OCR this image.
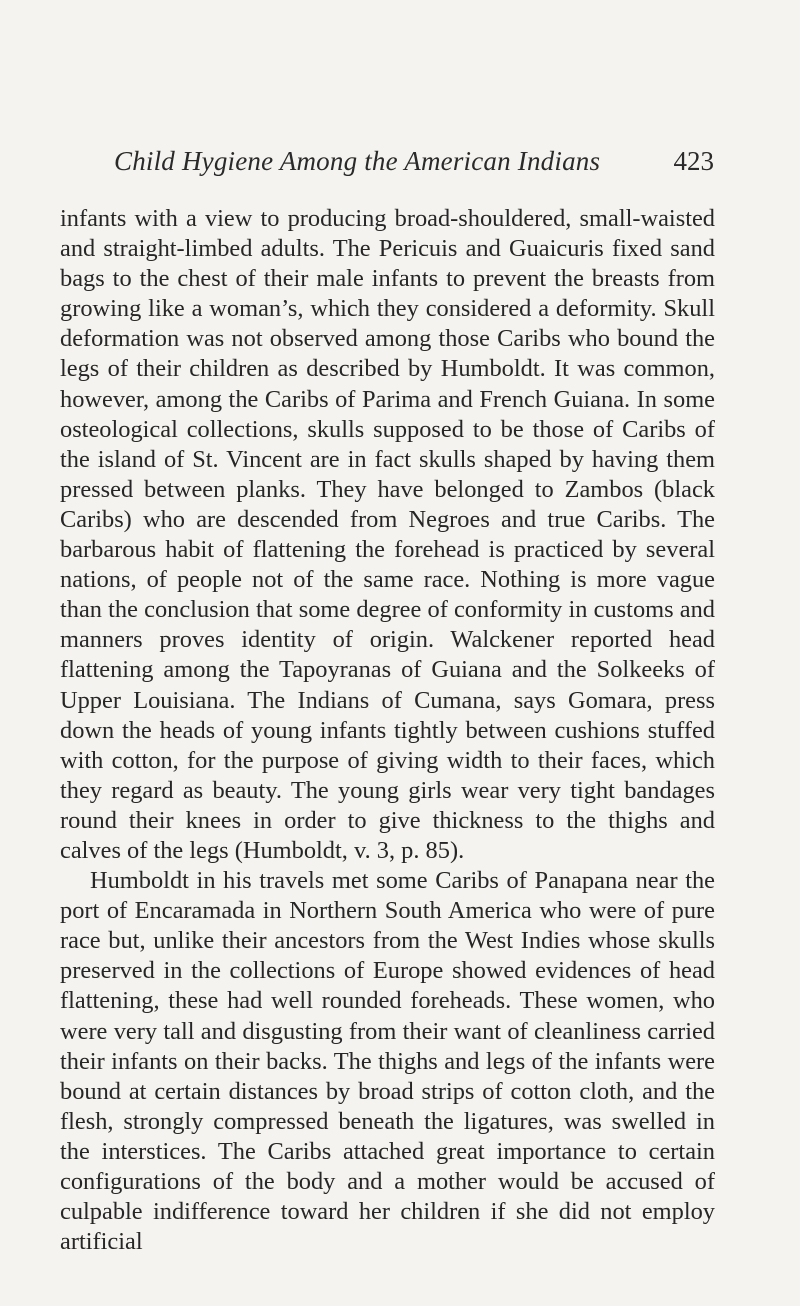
Child Hygiene Among the American Indians	423

infants with a view to producing broad-shouldered, small-waisted and straight-limbed adults. The Pericuis and Guaicuris fixed sand bags to the chest of their male infants to prevent the breasts from growing like a woman’s, which they considered a deformity. Skull deformation was not observed among those Caribs who bound the legs of their children as described by Humboldt. It was common, however, among the Caribs of Parima and French Guiana. In some osteological collections, skulls supposed to be those of Caribs of the island of St. Vincent are in fact skulls shaped by having them pressed between planks. They have belonged to Zambos (black Caribs) who are descended from Negroes and true Caribs. The barbarous habit of flattening the forehead is practiced by several nations, of people not of the same race. Nothing is more vague than the conclusion that some degree of conformity in customs and manners proves identity of origin. Walckener reported head flattening among the Tapoyranas of Guiana and the Solkeeks of Upper Louisiana. The Indians of Cumana, says Gomara, press down the heads of young infants tightly between cushions stuffed with cotton, for the purpose of giving width to their faces, which they regard as beauty. The young girls wear very tight bandages round their knees in order to give thickness to the thighs and calves of the legs (Humboldt, v. 3, p. 85).

Humboldt in his travels met some Caribs of Panapana near the port of Encaramada in Northern South America who were of pure race but, unlike their ancestors from the West Indies whose skulls preserved in the collections of Europe showed evidences of head flattening, these had well rounded foreheads. These women, who were very tall and disgusting from their want of cleanliness carried their infants on their backs. The thighs and legs of the infants were bound at certain distances by broad strips of cotton cloth, and the flesh, strongly compressed beneath the ligatures, was swelled in the interstices. The Caribs attached great importance to certain configurations of the body and a mother would be accused of culpable indifference toward her children if she did not employ artificial
